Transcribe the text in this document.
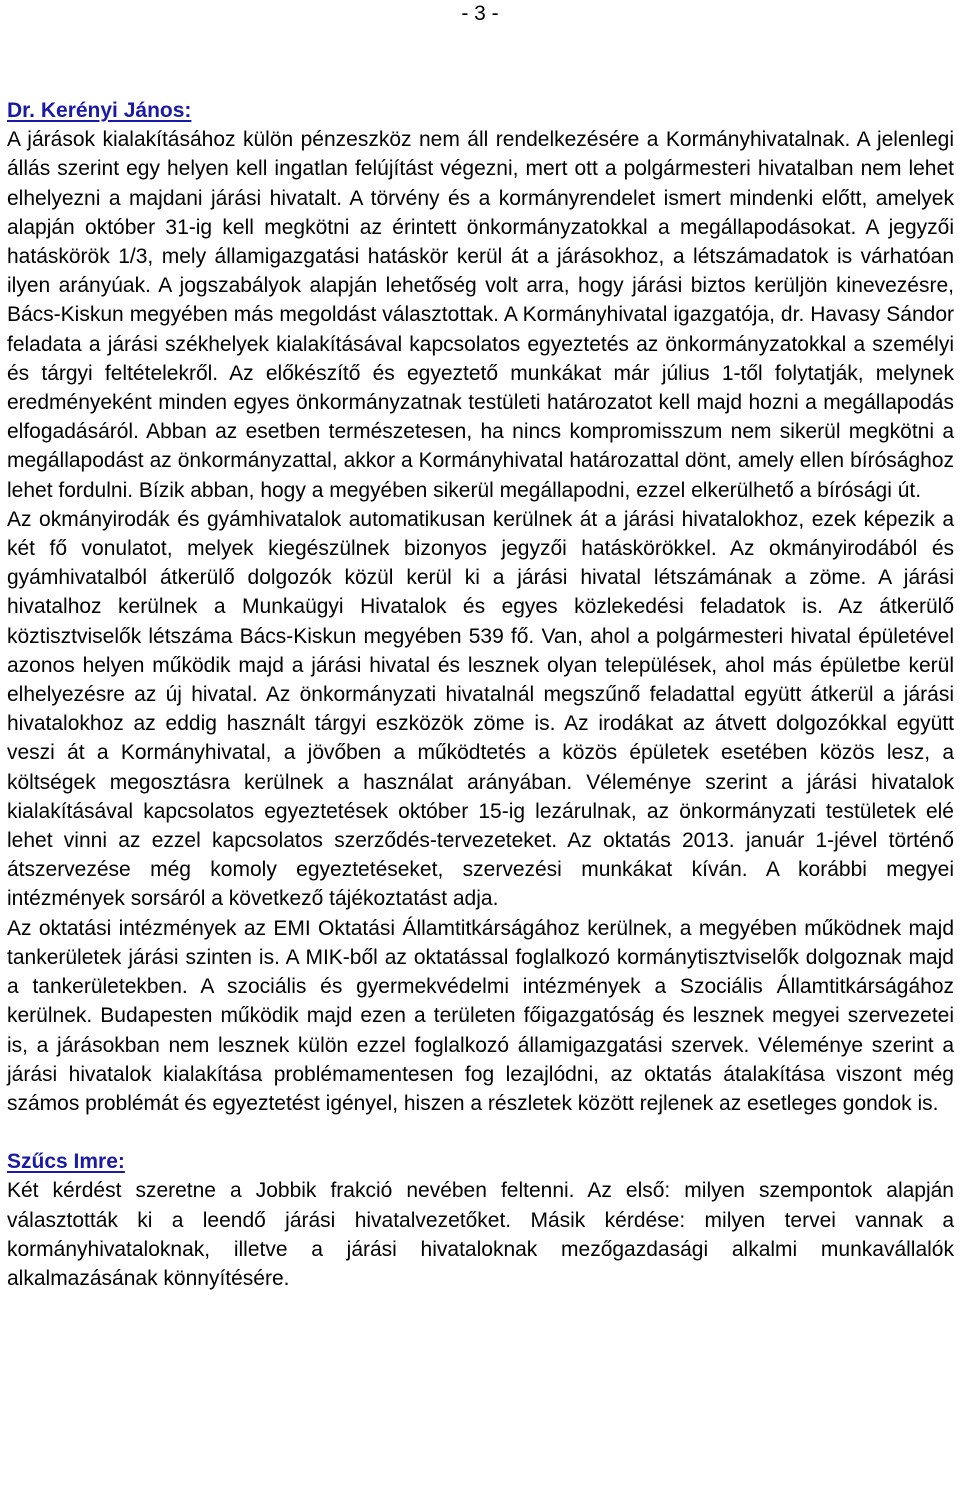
- 3 -
Dr. Kerényi János:

A járások kialakításához külön pénzeszköz nem áll rendelkezésére a Kormányhivatalnak. A jelenlegi állás szerint egy helyen kell ingatlan felújítást végezni, mert ott a polgármesteri hivatalban nem lehet elhelyezni a majdani járási hivatalt. A törvény és a kormányrendelet ismert mindenki előtt, amelyek alapján október 31-ig kell megkötni az érintett önkormányzatokkal a megállapodásokat. A jegyzői hatáskörök 1/3, mely államigazgatási hatáskör kerül át a járásokhoz, a létszámadatok is várhatóan ilyen arányúak. A jogszabályok alapján lehetőség volt arra, hogy járási biztos kerüljön kinevezésre, Bács-Kiskun megyében más megoldást választottak. A Kormányhivatal igazgatója, dr. Havasy Sándor feladata a járási székhelyek kialakításával kapcsolatos egyeztetés az önkormányzatokkal a személyi és tárgyi feltételekről. Az előkészítő és egyeztető munkákat már július 1-től folytatják, melynek eredményeként minden egyes önkormányzatnak testületi határozatot kell majd hozni a megállapodás elfogadásáról. Abban az esetben természetesen, ha nincs kompromisszum nem sikerül megkötni a megállapodást az önkormányzattal, akkor a Kormányhivatal határozattal dönt, amely ellen bírósághoz lehet fordulni. Bízik abban, hogy a megyében sikerül megállapodni, ezzel elkerülhető a bírósági út.

Az okmányirodák és gyámhivatalok automatikusan kerülnek át a járási hivatalokhoz, ezek képezik a két fő vonulatot, melyek kiegészülnek bizonyos jegyzői hatáskörökkel. Az okmányirodából és gyámhivatalból átkerülő dolgozók közül kerül ki a járási hivatal létszámának a zöme. A járási hivatalhoz kerülnek a Munkaügyi Hivatalok és egyes közlekedési feladatok is. Az átkerülő köztisztviselők létszáma Bács-Kiskun megyében 539 fő. Van, ahol a polgármesteri hivatal épületével azonos helyen működik majd a járási hivatal és lesznek olyan települések, ahol más épületbe kerül elhelyezésre az új hivatal. Az önkormányzati hivatalnál megszűnő feladattal együtt átkerül a járási hivatalokhoz az eddig használt tárgyi eszközök zöme is. Az irodákat az átvett dolgozókkal együtt veszi át a Kormányhivatal, a jövőben a működtetés a közös épületek esetében közös lesz, a költségek megosztásra kerülnek a használat arányában. Véleménye szerint a járási hivatalok kialakításával kapcsolatos egyeztetések október 15-ig lezárulnak, az önkormányzati testületek elé lehet vinni az ezzel kapcsolatos szerződés-tervezeteket. Az oktatás 2013. január 1-jével történő átszervezése még komoly egyeztetéseket, szervezési munkákat kíván. A korábbi megyei intézmények sorsáról a következő tájékoztatást adja.

Az oktatási intézmények az EMI Oktatási Államtitkárságához kerülnek, a megyében működnek majd tankerületek járási szinten is. A MIK-ből az oktatással foglalkozó kormánytisztviselők dolgoznak majd a tankerületekben. A szociális és gyermekvédelmi intézmények a Szociális Államtitkárságához kerülnek. Budapesten működik majd ezen a területen főigazgatóság és lesznek megyei szervezetei is, a járásokban nem lesznek külön ezzel foglalkozó államigazgatási szervek. Véleménye szerint a járási hivatalok kialakítása problémamentesen fog lezajlódni, az oktatás átalakítása viszont még számos problémát és egyeztetést igényel, hiszen a részletek között rejlenek az esetleges gondok is.

Szűcs Imre:

Két kérdést szeretne a Jobbik frakció nevében feltenni. Az első: milyen szempontok alapján választották ki a leendő járási hivatalvezetőket. Másik kérdése: milyen tervei vannak a kormányhivataloknak, illetve a járási hivataloknak mezőgazdasági alkalmi munkavállalók alkalmazásának könnyítésére.
